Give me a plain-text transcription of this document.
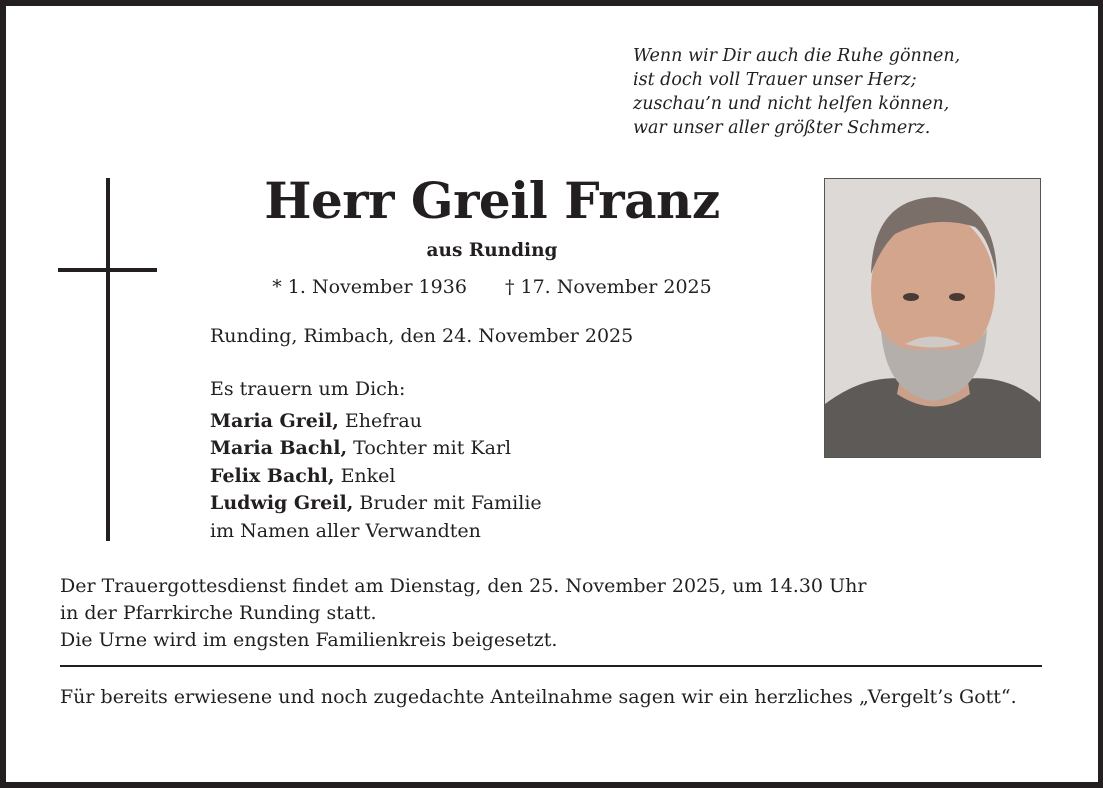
Wenn wir Dir auch die Ruhe gönnen,
ist doch voll Trauer unser Herz;
zuschau’n und nicht helfen können,
war unser aller größter Schmerz.
Herr Greil Franz
aus Runding
* 1. November 1936 † 17. November 2025
Runding, Rimbach, den 24. November 2025
Es trauern um Dich:
Maria Greil, Ehefrau
Maria Bachl, Tochter mit Karl
Felix Bachl, Enkel
Ludwig Greil, Bruder mit Familie
im Namen aller Verwandten
Der Trauergottesdienst findet am Dienstag, den 25. November 2025, um 14.30 Uhr
in der Pfarrkirche Runding statt.
Die Urne wird im engsten Familienkreis beigesetzt.
Für bereits erwiesene und noch zugedachte Anteilnahme sagen wir ein herzliches „Vergelt’s Gott“.
